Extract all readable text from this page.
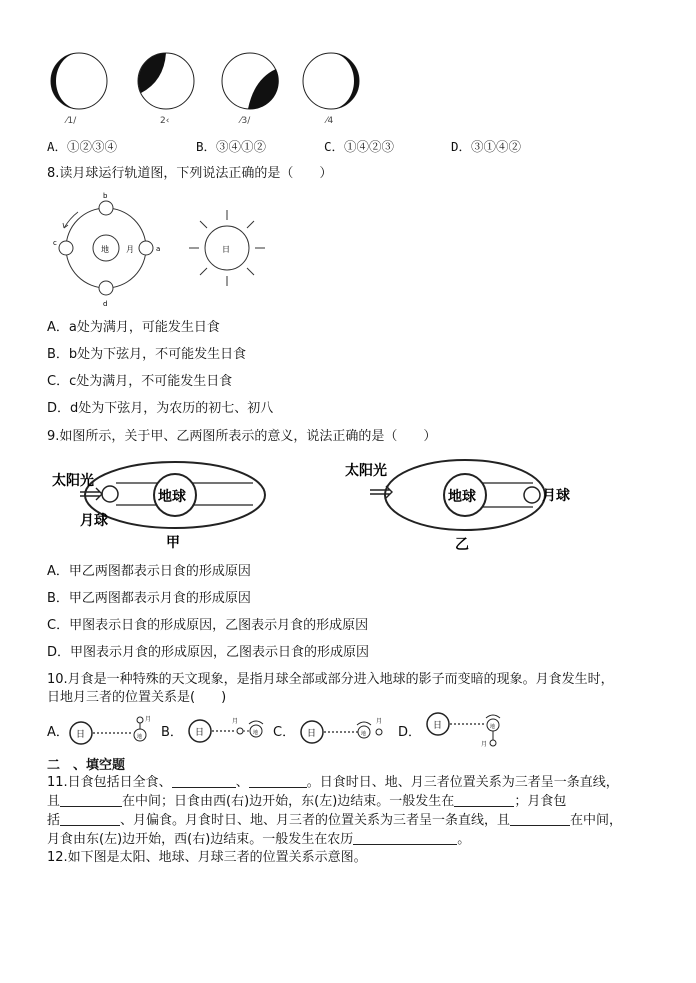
⁄1/	2‹	⁄3/	⁄4
A．①②③④	B．③④①②	C．①④②③	D．③①④②
8.读月球运行轨道图，下列说法正确的是（　　）
地 月
b
c
a
d
日
A．a处为满月，可能发生日食
B．b处为下弦月，不可能发生日食
C．c处为满月，不可能发生日食
D．d处为下弦月，为农历的初七、初八
9.如图所示，关于甲、乙两图所表示的意义，说法正确的是（　　）
地球
太阳光
月球
甲
地球
太阳光
月球
乙
A．甲乙两图都表示日食的形成原因
B．甲乙两图都表示月食的形成原因
C．甲图表示日食的形成原因，乙图表示月食的形成原因
D．甲图表示月食的形成原因，乙图表示日食的形成原因
10.月食是一种特殊的天文现象，是指月球全部或部分进入地球的影子而变暗的现象。月食发生时，
日地月三者的位置关系是(　　)
A． 日	地
月
B． 日
月
地 C． 日	地
月
D． 日	地
月
二　、填空题
11.日食包括日全食、	、	。日食时日、地、月三者位置关系为三者呈一条直线，
且	在中间；日食由西(右)边开始，东(左)边结束。一般发生在	；月食包
括	、月偏食。月食时日、地、月三者的位置关系为三者呈一条直线，且	在中间，
月食由东(左)边开始，西(右)边结束。一般发生在农历	。
12.如下图是太阳、地球、月球三者的位置关系示意图。
